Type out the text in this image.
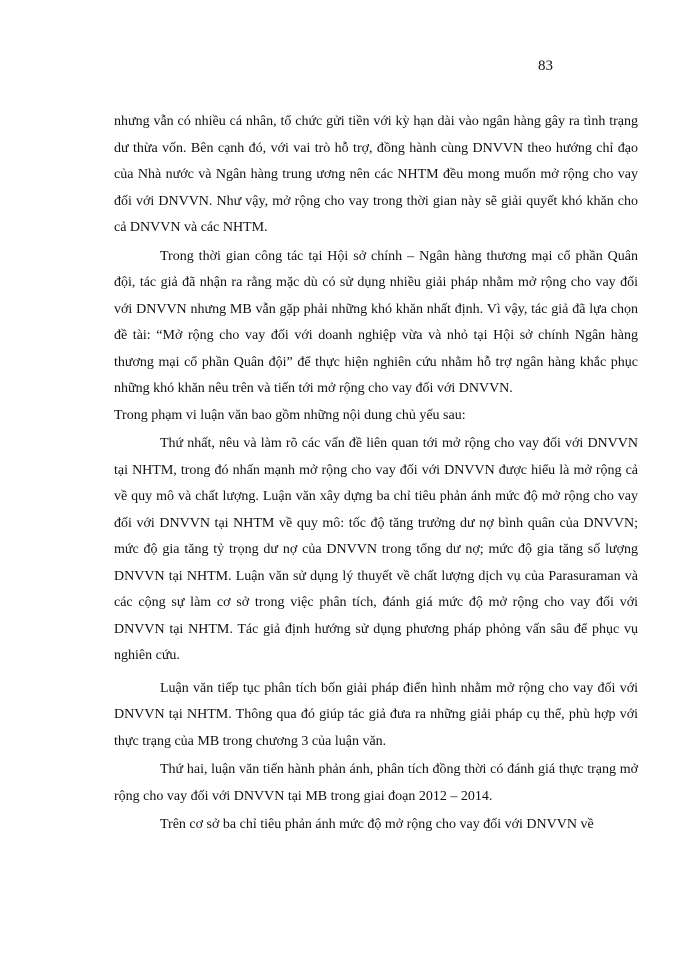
83

nhưng vẫn có nhiều cá nhân, tổ chức gửi tiền với kỳ hạn dài vào ngân hàng gây ra tình trạng dư thừa vốn. Bên cạnh đó, với vai trò hỗ trợ, đồng hành cùng DNVVN theo hướng chỉ đạo của Nhà nước và Ngân hàng trung ương nên các NHTM đều mong muốn mở rộng cho vay đối với DNVVN. Như vậy, mở rộng cho vay trong thời gian này sẽ giải quyết khó khăn cho cả DNVVN và các NHTM.

Trong thời gian công tác tại Hội sở chính – Ngân hàng thương mại cổ phần Quân đội, tác giả đã nhận ra rằng mặc dù có sử dụng nhiều giải pháp nhằm mở rộng cho vay đối với DNVVN nhưng MB vẫn gặp phải những khó khăn nhất định. Vì vậy, tác giả đã lựa chọn đề tài: “Mở rộng cho vay đối với doanh nghiệp vừa và nhỏ tại Hội sở chính Ngân hàng thương mại cổ phần Quân đội” để thực hiện nghiên cứu nhằm hỗ trợ ngân hàng khắc phục những khó khăn nêu trên và tiến tới mở rộng cho vay đối với DNVVN.

Trong phạm vi luận văn bao gồm những nội dung chủ yếu sau:

Thứ nhất, nêu và làm rõ các vấn đề liên quan tới mở rộng cho vay đối với DNVVN tại NHTM, trong đó nhấn mạnh mở rộng cho vay đối với DNVVN được hiểu là mở rộng cả về quy mô và chất lượng. Luận văn xây dựng ba chỉ tiêu phản ánh mức độ mở rộng cho vay đối với DNVVN tại NHTM về quy mô: tốc độ tăng trưởng dư nợ bình quân của DNVVN; mức độ gia tăng tỷ trọng dư nợ của DNVVN trong tổng dư nợ; mức độ gia tăng số lượng DNVVN tại NHTM. Luận văn sử dụng lý thuyết về chất lượng dịch vụ của Parasuraman và các cộng sự làm cơ sở trong việc phân tích, đánh giá mức độ mở rộng cho vay đối với DNVVN tại NHTM. Tác giả định hướng sử dụng phương pháp phỏng vấn sâu để phục vụ nghiên cứu.

Luận văn tiếp tục phân tích bốn giải pháp điển hình nhằm mở rộng cho vay đối với DNVVN tại NHTM. Thông qua đó giúp tác giả đưa ra những giải pháp cụ thể, phù hợp với thực trạng của MB trong chương 3 của luận văn.

Thứ hai, luận văn tiến hành phản ánh, phân tích đồng thời có đánh giá thực trạng mở rộng cho vay đối với DNVVN tại MB trong giai đoạn 2012 – 2014.

Trên cơ sở ba chỉ tiêu phản ánh mức độ mở rộng cho vay đối với DNVVN về
